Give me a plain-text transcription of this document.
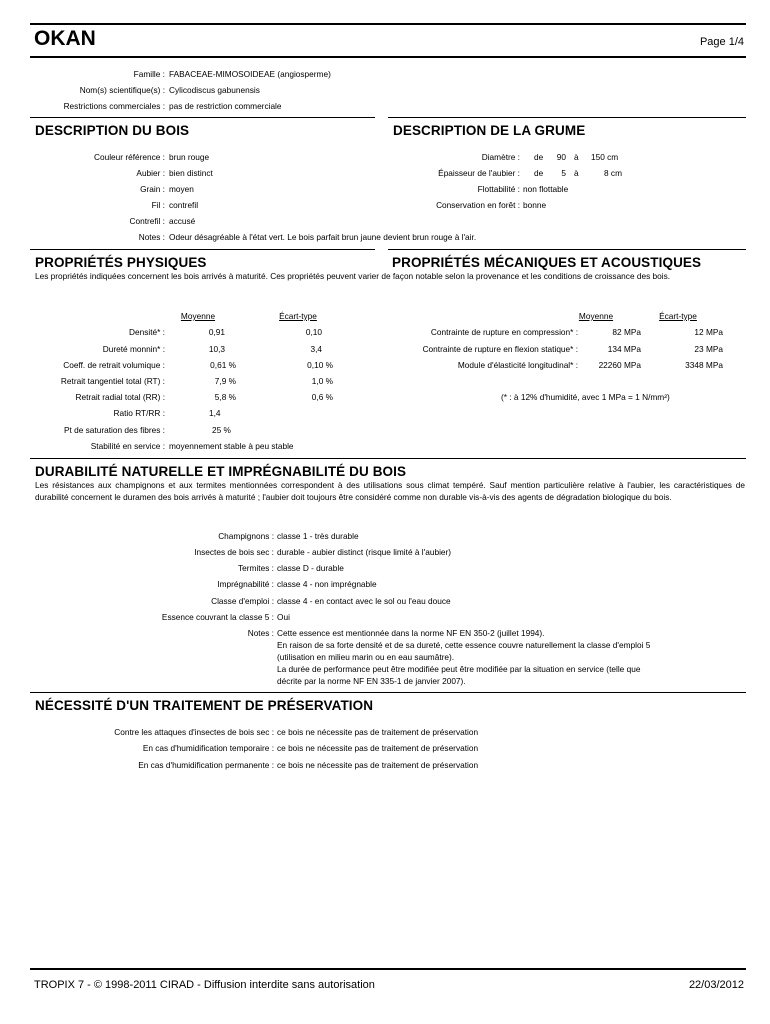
OKAN	Page 1/4
Famille : FABACEAE-MIMOSOIDEAE (angiosperme)
Nom(s) scientifique(s) : Cylicodiscus gabunensis
Restrictions commerciales : pas de restriction commerciale
DESCRIPTION DU BOIS	DESCRIPTION DE LA GRUME
Couleur référence : brun rouge
Aubier : bien distinct
Grain : moyen
Fil : contrefil
Contrefil : accusé
Notes : Odeur désagréable à l'état vert. Le bois parfait brun jaune devient brun rouge à l'air.
Diamètre : de	90 à 150 cm
Épaisseur de l'aubier : de	5 à	8 cm
Flottabilité : non flottable
Conservation en forêt : bonne
PROPRIÉTÉS PHYSIQUES	PROPRIÉTÉS MÉCANIQUES ET ACOUSTIQUES
Les propriétés indiquées concernent les bois arrivés à maturité. Ces propriétés peuvent varier de façon notable selon la provenance et les conditions de croissance des bois.
Moyenne	Écart-type
Densité* :	0,91	0,10
Dureté monnin* :	10,3	3,4
Coeff. de retrait volumique :	0,61 %	0,10 %
Retrait tangentiel total (RT) :	7,9 %	1,0 %
Retrait radial total (RR) :	5,8 %	0,6 %
Ratio RT/RR :	1,4
Pt de saturation des fibres :	25 %
Stabilité en service : moyennement stable à peu stable
Moyenne	Écart-type
Contrainte de rupture en compression* :	82 MPa	12 MPa
Contrainte de rupture en flexion statique* :	134 MPa	23 MPa
Module d'élasticité longitudinal* :	22260 MPa	3348 MPa
(* : à 12% d'humidité, avec 1 MPa = 1 N/mm²)
DURABILITÉ NATURELLE ET IMPRÉGNABILITÉ DU BOIS
Les résistances aux champignons et aux termites mentionnées correspondent à des utilisations sous climat tempéré. Sauf mention particulière relative à l'aubier, les caractéristiques de durabilité concernent le duramen des bois arrivés à maturité ; l'aubier doit toujours être considéré comme non durable vis-à-vis des agents de dégradation biologique du bois.
Champignons : classe 1 - très durable
Insectes de bois sec : durable - aubier distinct (risque limité à l'aubier)
Termites : classe D - durable
Imprégnabilité : classe 4 - non imprégnable
Classe d'emploi : classe 4 - en contact avec le sol ou l'eau douce
Essence couvrant la classe 5 : Oui
Notes : Cette essence est mentionnée dans la norme NF EN 350-2 (juillet 1994).
En raison de sa forte densité et de sa dureté, cette essence couvre naturellement la classe d'emploi 5
(utilisation en milieu marin ou en eau saumâtre).
La durée de performance peut être modifiée peut être modifiée par la situation en service (telle que
décrite par la norme NF EN 335-1 de janvier 2007).
NÉCESSITÉ D'UN TRAITEMENT DE PRÉSERVATION
Contre les attaques d'insectes de bois sec : ce bois ne nécessite pas de traitement de préservation
En cas d'humidification temporaire : ce bois ne nécessite pas de traitement de préservation
En cas d'humidification permanente : ce bois ne nécessite pas de traitement de préservation
TROPIX 7 - © 1998-2011 CIRAD - Diffusion interdite sans autorisation	22/03/2012
